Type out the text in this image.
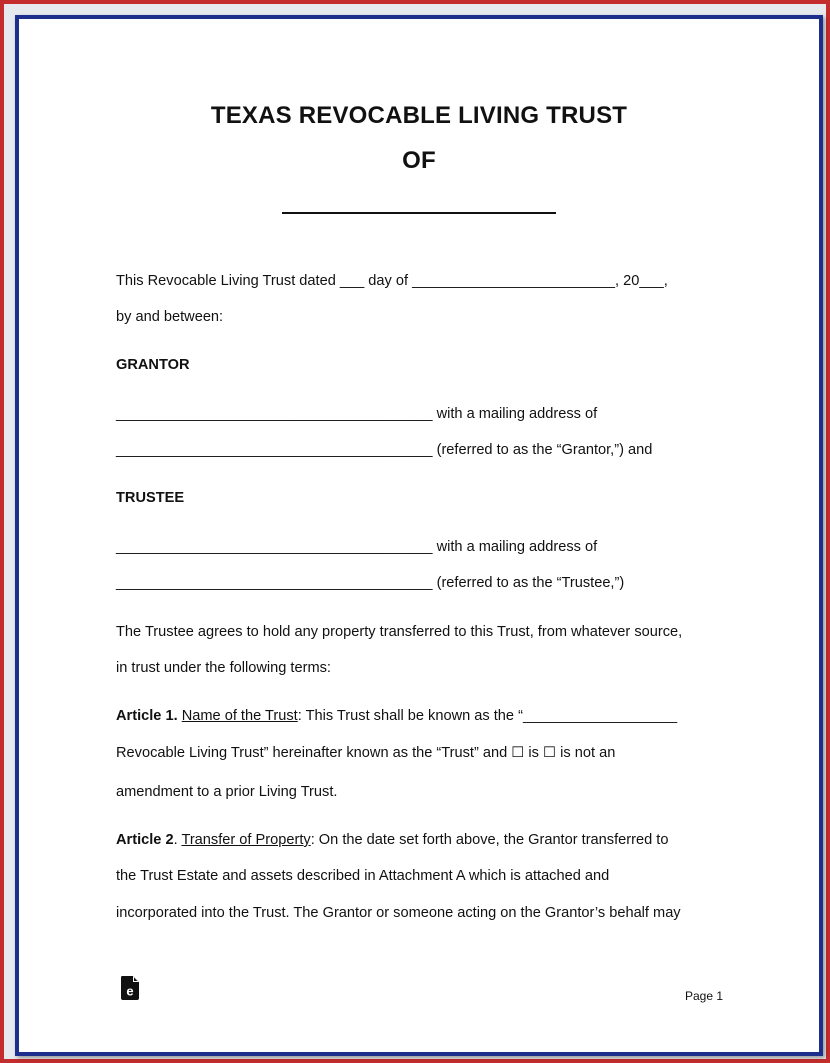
TEXAS REVOCABLE LIVING TRUST
OF
This Revocable Living Trust dated ___ day of _________________________, 20___,
by and between:
GRANTOR
_______________________________________ with a mailing address of
_______________________________________ (referred to as the “Grantor,”) and
TRUSTEE
_______________________________________ with a mailing address of
_______________________________________ (referred to as the “Trustee,”)
The Trustee agrees to hold any property transferred to this Trust, from whatever source,
in trust under the following terms:
Article 1. Name of the Trust: This Trust shall be known as the “___________________
Revocable Living Trust” hereinafter known as the “Trust” and ☐ is ☐ is not an
amendment to a prior Living Trust.
Article 2. Transfer of Property: On the date set forth above, the Grantor transferred to
the Trust Estate and assets described in Attachment A which is attached and
incorporated into the Trust. The Grantor or someone acting on the Grantor’s behalf may
e	Page 1
